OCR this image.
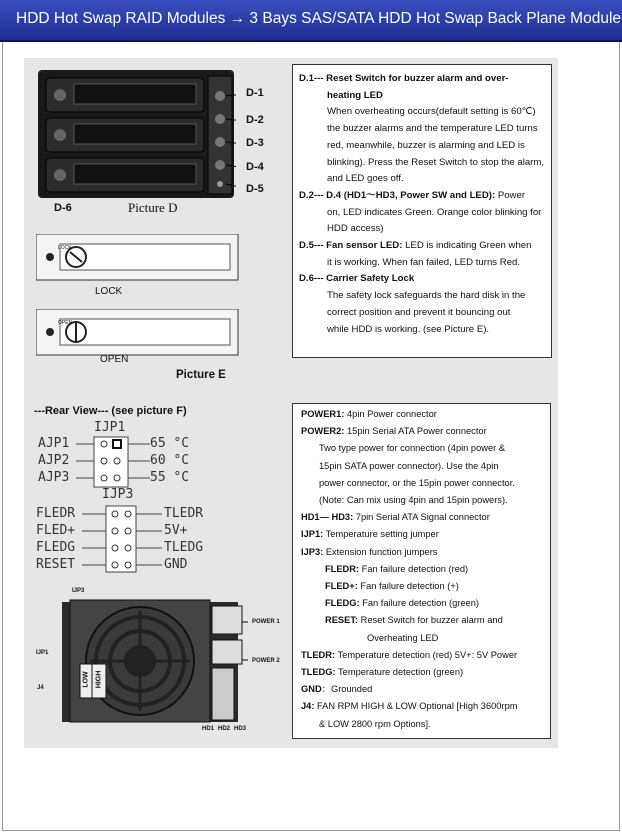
HDD Hot Swap RAID Modules → 3 Bays SAS/SATA HDD Hot Swap Back Plane Module
D-1
D-2
D-3
D-4
D-5
D-6	Picture D
LOCK
LOCK
OPEN
OPEN
Picture E

D.1--- Reset Switch for buzzer alarm and over-

heating LED

When overheating occurs(default setting is 60℃)

the buzzer alarms and the temperature LED turns

red, meanwhile, buzzer is alarming and LED is

blinking). Press the Reset Switch to stop the alarm,

and LED goes off.

D.2--- D.4 (HD1～HD3, Power SW and LED): Power

on, LED indicates Green. Orange color blinking for

HDD access)

D.5--- Fan sensor LED: LED is indicating Green when

it is working. When fan failed, LED turns Red.

D.6--- Carrier Safety Lock

The safety lock safeguards the hard disk in the

correct position and prevent it bouncing out

while HDD is working. (see Picture E).

---Rear View--- (see picture F)
IJP1
AJP1
AJP2
AJP3
65 °C
60 °C
55 °C
IJP3
FLEDR
FLED+
FLEDG
RESET
TLEDR
5V+
TLEDG
GND
IJP3
IJP1
J4
LOW HIGH
POWER 1
POWER 2
HD1 HD2 HD3

POWER1: 4pin Power connector

POWER2: 15pin Serial ATA Power connector

Two type power for connection (4pin power &

15pin SATA power connector). Use the 4pin

power connector, or the 15pin power connector.

(Note: Can mix using 4pin and 15pin powers).

HD1— HD3: 7pin Serial ATA Signal connector

IJP1: Temperature setting jumper

IJP3: Extension function jumpers

FLEDR: Fan failure detection (red)

FLED+: Fan failure detection (+)

FLEDG: Fan failure detection (green)

RESET: Reset Switch for buzzer alarm and

Overheating LED

TLEDR: Temperature detection (red) 5V+: 5V Power

TLEDG: Temperature detection (green)

GND：Grounded

J4: FAN RPM HIGH & LOW Optional [High 3600rpm

& LOW 2800 rpm Options].
